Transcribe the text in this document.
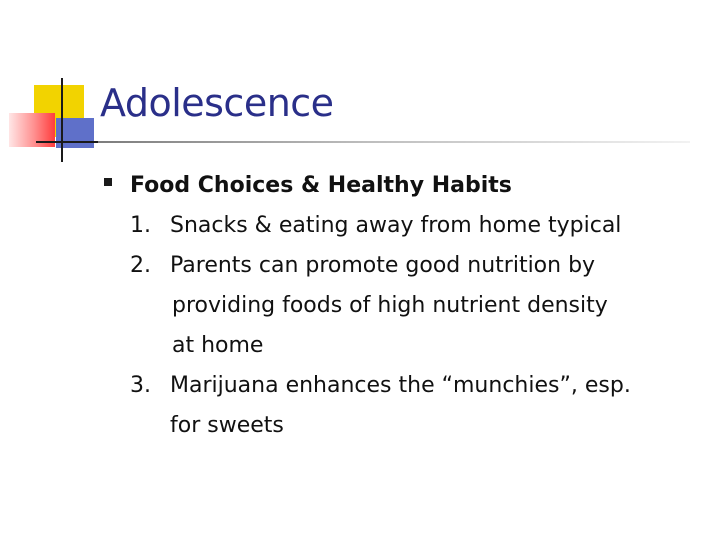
Adolescence
Food Choices & Healthy Habits
1. Snacks & eating away from home typical
2. Parents can promote good nutrition by
providing foods of high nutrient density
at home
3. Marijuana enhances the “munchies”, esp.
for sweets
